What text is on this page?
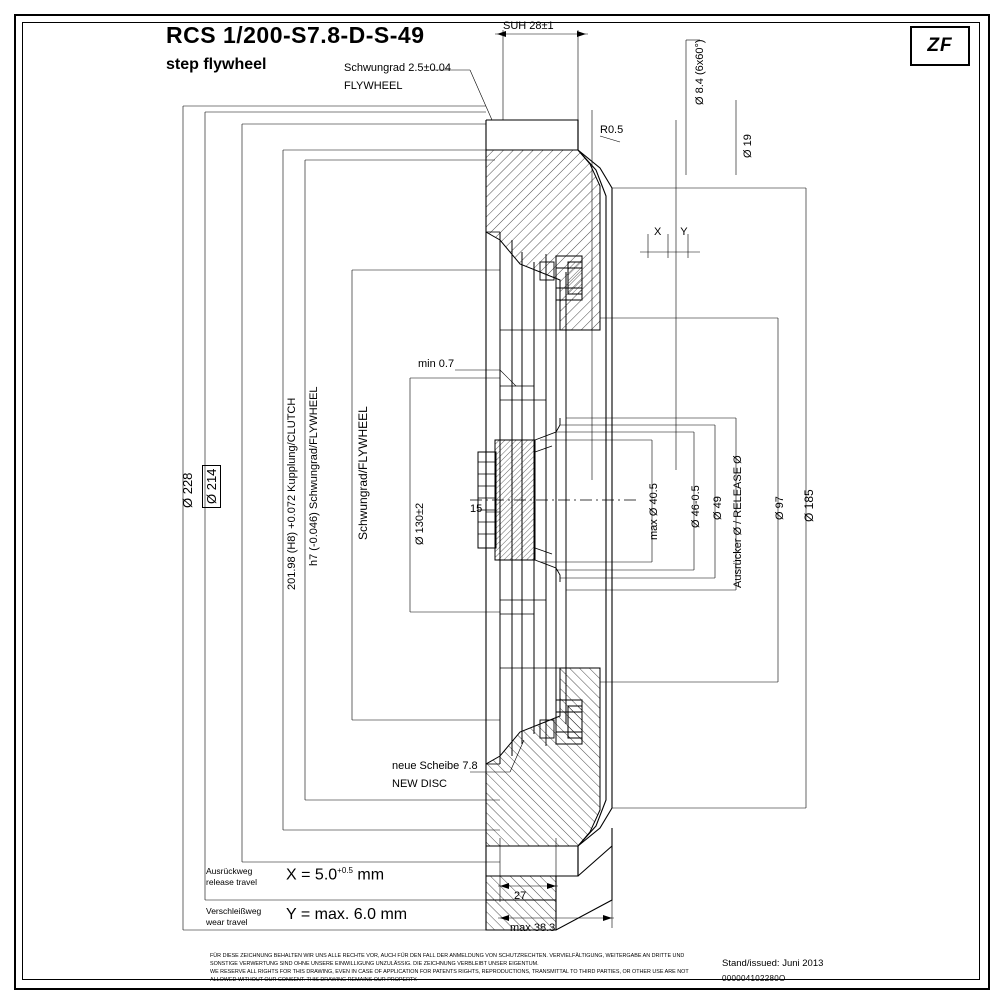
RCS 1/200-S7.8-D-S-49
step flywheel
ZF
Schwungrad 2.5±0.04
FLYWHEEL
SUH 28±1
Ø 8.4 (6x60°)
Ø 19
R0.5
X Y
min 0.7
15
Ø 228 Ø 214	201.98 (H8) +0.072 Kupplung/CLUTCH h7 (-0.046) Schwungrad/FLYWHEEL	Schwungrad/FLYWHEEL	Ø 130±2	max Ø 40.5	Ø 46-0.5 Ø 49 Ausrücker Ø / RELEASE Ø	Ø 97 Ø 185
neue Scheibe 7.8
NEW DISC
27
max 38.3
Ausrückweg
release travel $X = 5.0^{+0.5}$ mm
Verschleißweg
wear travel	Y = max. 6.0 mm
FÜR DIESE ZEICHNUNG BEHALTEN WIR UNS ALLE RECHTE VOR, AUCH FÜR DEN FALL DER ANMELDUNG VON SCHUTZRECHTEN. VERVIELFÄLTIGUNG, WEITERGABE AN DRITTE UND SONSTIGE VERWERTUNG SIND OHNE UNSERE EINWILLIGUNG UNZULÄSSIG. DIE ZEICHNUNG VERBLEIBT UNSER EIGENTUM.
WE RESERVE ALL RIGHTS FOR THIS DRAWING, EVEN IN CASE OF APPLICATION FOR PATENTS RIGHTS, REPRODUCTIONS, TRANSMITTAL TO THIRD PARTIES, OR OTHER USE ARE NOT ALLOWED WITHOUT OUR CONSENT. THIS DRAWING REMAINS OUR PROPERTY.
Stand/issued: Juni 2013
000004102280O
